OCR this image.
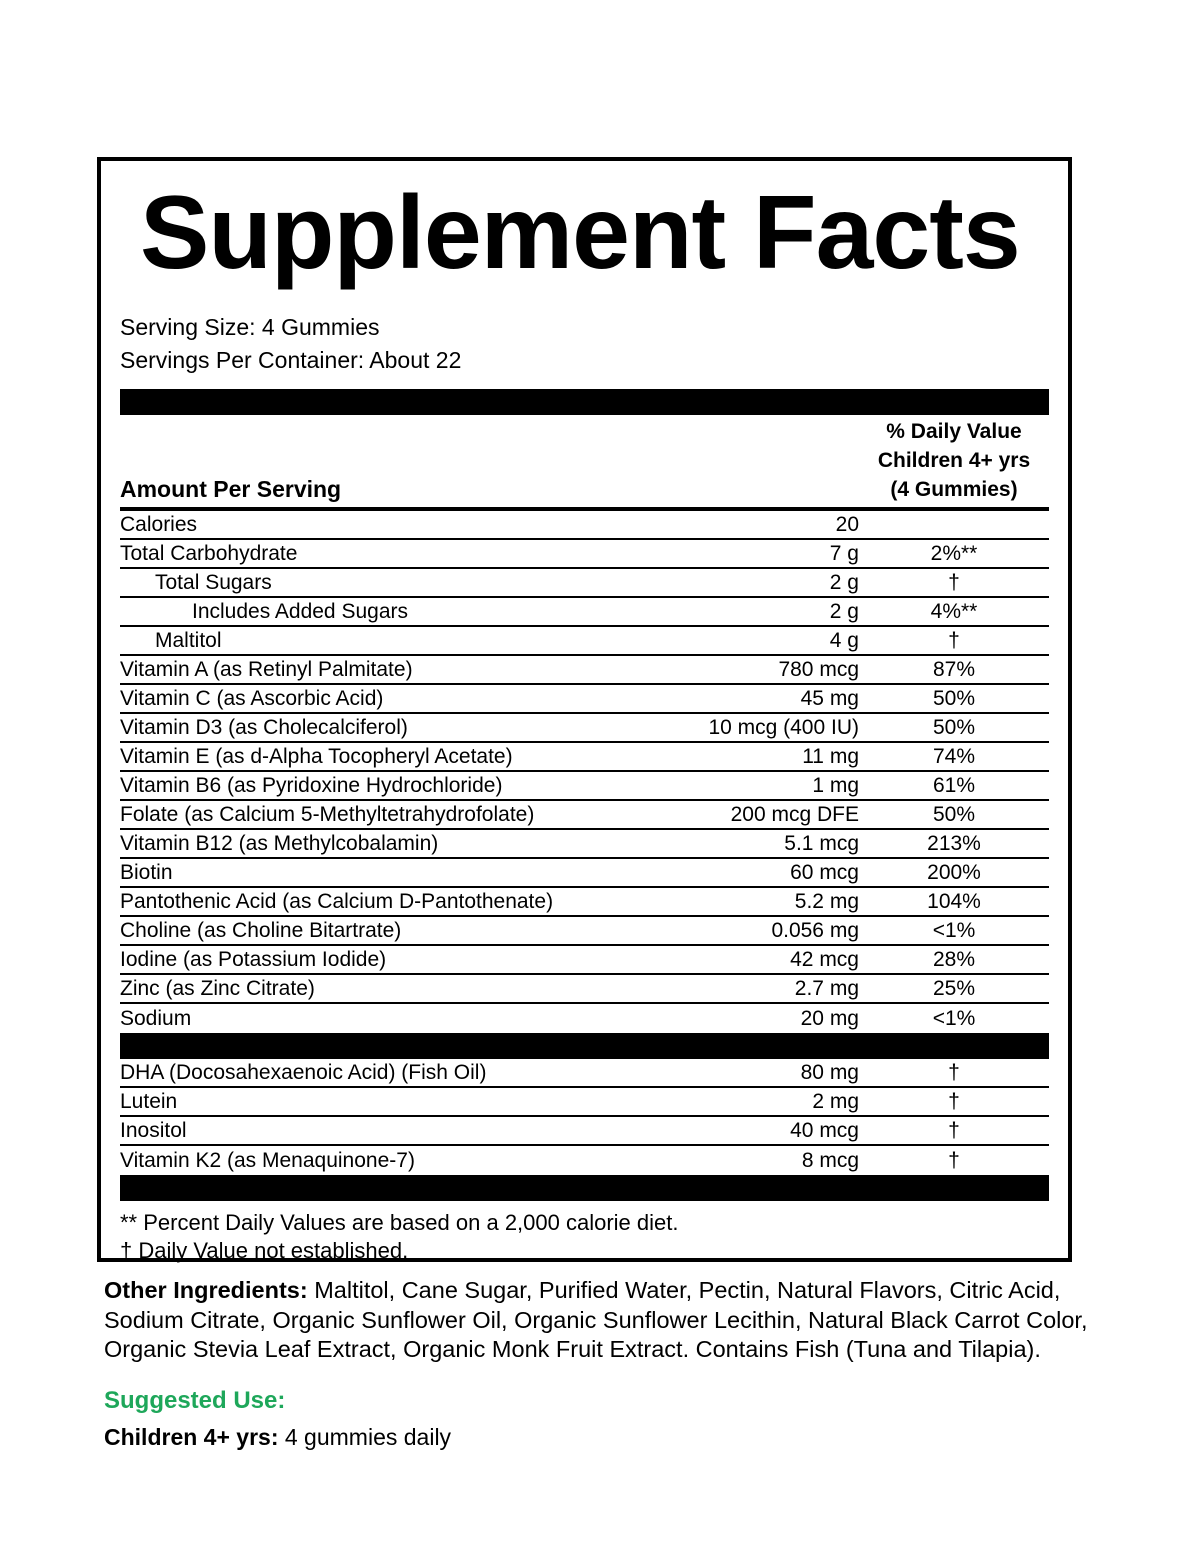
Supplement Facts
Serving Size: 4 Gummies
Servings Per Container: About 22
Amount Per Serving
% Daily Value
Children 4+ yrs
(4 Gummies)
Calories	20
Total Carbohydrate	7 g	2%**
Total Sugars	2 g	†
Includes Added Sugars	2 g	4%**
Maltitol	4 g	†
Vitamin A (as Retinyl Palmitate)	780 mcg	87%
Vitamin C (as Ascorbic Acid)	45 mg	50%
Vitamin D3 (as Cholecalciferol)	10 mcg (400 IU)	50%
Vitamin E (as d-Alpha Tocopheryl Acetate)	11 mg	74%
Vitamin B6 (as Pyridoxine Hydrochloride)	1 mg	61%
Folate (as Calcium 5-Methyltetrahydrofolate)	200 mcg DFE	50%
Vitamin B12 (as Methylcobalamin)	5.1 mcg	213%
Biotin	60 mcg	200%
Pantothenic Acid (as Calcium D-Pantothenate)	5.2 mg	104%
Choline (as Choline Bitartrate)	0.056 mg	<1%
Iodine (as Potassium Iodide)	42 mcg	28%
Zinc (as Zinc Citrate)	2.7 mg	25%
Sodium	20 mg	<1%
DHA (Docosahexaenoic Acid) (Fish Oil)	80 mg	†
Lutein	2 mg	†
Inositol	40 mcg	†
Vitamin K2 (as Menaquinone-7)	8 mcg	†
** Percent Daily Values are based on a 2,000 calorie diet.
† Daily Value not established.

Other Ingredients: Maltitol, Cane Sugar, Purified Water, Pectin, Natural Flavors, Citric Acid, Sodium Citrate, Organic Sunflower Oil, Organic Sunflower Lecithin, Natural Black Carrot Color, Organic Stevia Leaf Extract, Organic Monk Fruit Extract. Contains Fish (Tuna and Tilapia).

Suggested Use:
Children 4+ yrs: 4 gummies daily
